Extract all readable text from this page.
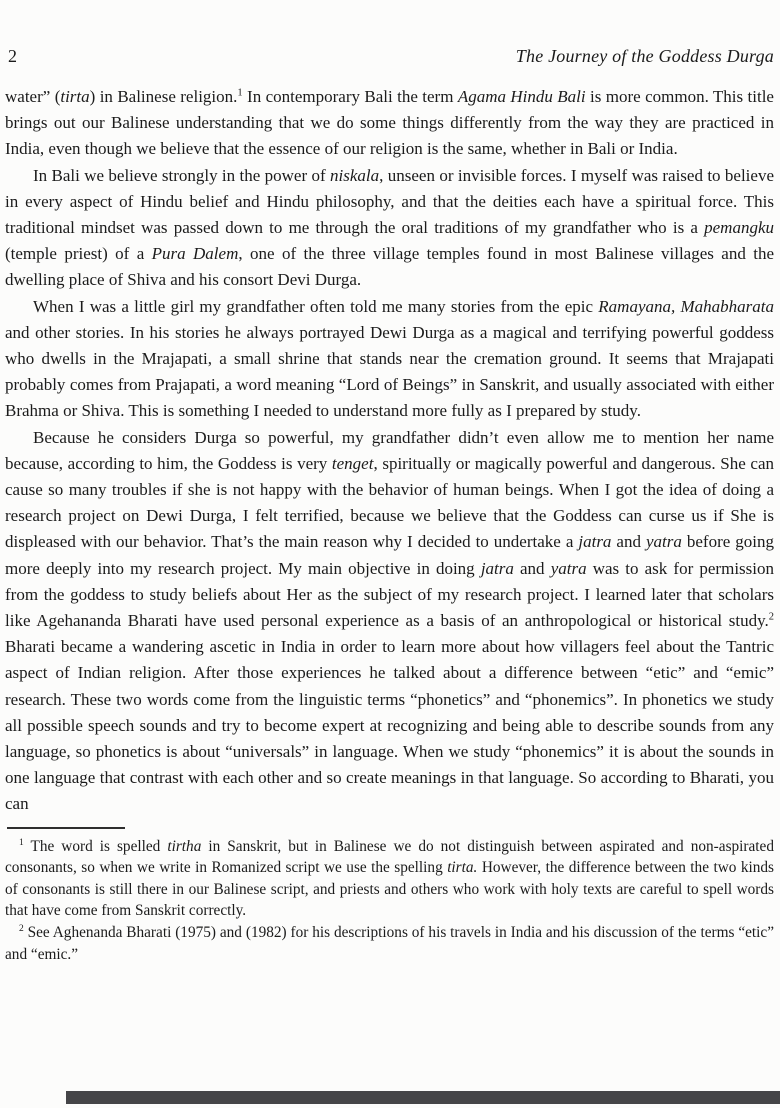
2	The Journey of the Goddess Durga

water” (tirta) in Balinese religion.$^1$ In contemporary Bali the term Agama Hindu Bali is more common. This title brings out our Balinese understanding that we do some things differently from the way they are practiced in India, even though we believe that the essence of our religion is the same, whether in Bali or India.

In Bali we believe strongly in the power of niskala, unseen or invisible forces. I myself was raised to believe in every aspect of Hindu belief and Hindu philosophy, and that the deities each have a spiritual force. This traditional mindset was passed down to me through the oral traditions of my grandfather who is a pemangku (temple priest) of a Pura Dalem, one of the three village temples found in most Balinese villages and the dwelling place of Shiva and his consort Devi Durga.

When I was a little girl my grandfather often told me many stories from the epic Ramayana, Mahabharata and other stories. In his stories he always portrayed Dewi Durga as a magical and terrifying powerful goddess who dwells in the Mrajapati, a small shrine that stands near the cremation ground. It seems that Mrajapati probably comes from Prajapati, a word meaning “Lord of Beings” in Sanskrit, and usually associated with either Brahma or Shiva. This is something I needed to understand more fully as I prepared by study.

Because he considers Durga so powerful, my grandfather didn’t even allow me to mention her name because, according to him, the Goddess is very tenget, spiritually or magically powerful and dangerous. She can cause so many troubles if she is not happy with the behavior of human beings. When I got the idea of doing a research project on Dewi Durga, I felt terrified, because we believe that the Goddess can curse us if She is displeased with our behavior. That’s the main reason why I decided to undertake a jatra and yatra before going more deeply into my research project. My main objective in doing jatra and yatra was to ask for permission from the goddess to study beliefs about Her as the subject of my research project. I learned later that scholars like Agehananda Bharati have used personal experience as a basis of an anthropological or historical study.$^2$ Bharati became a wandering ascetic in India in order to learn more about how villagers feel about the Tantric aspect of Indian religion. After those experiences he talked about a difference between “etic” and “emic” research. These two words come from the linguistic terms “phonetics” and “phonemics”. In phonetics we study all possible speech sounds and try to become expert at recognizing and being able to describe sounds from any language, so phonetics is about “universals” in language. When we study “phonemics” it is about the sounds in one language that contrast with each other and so create meanings in that language. So according to Bharati, you can

$^1$ The word is spelled tirtha in Sanskrit, but in Balinese we do not distinguish between aspirated and non-aspirated consonants, so when we write in Romanized script we use the spelling tirta. However, the difference between the two kinds of consonants is still there in our Balinese script, and priests and others who work with holy texts are careful to spell words that have come from Sanskrit correctly.

$^2$ See Aghenanda Bharati (1975) and (1982) for his descriptions of his travels in India and his discussion of the terms “etic” and “emic.”
